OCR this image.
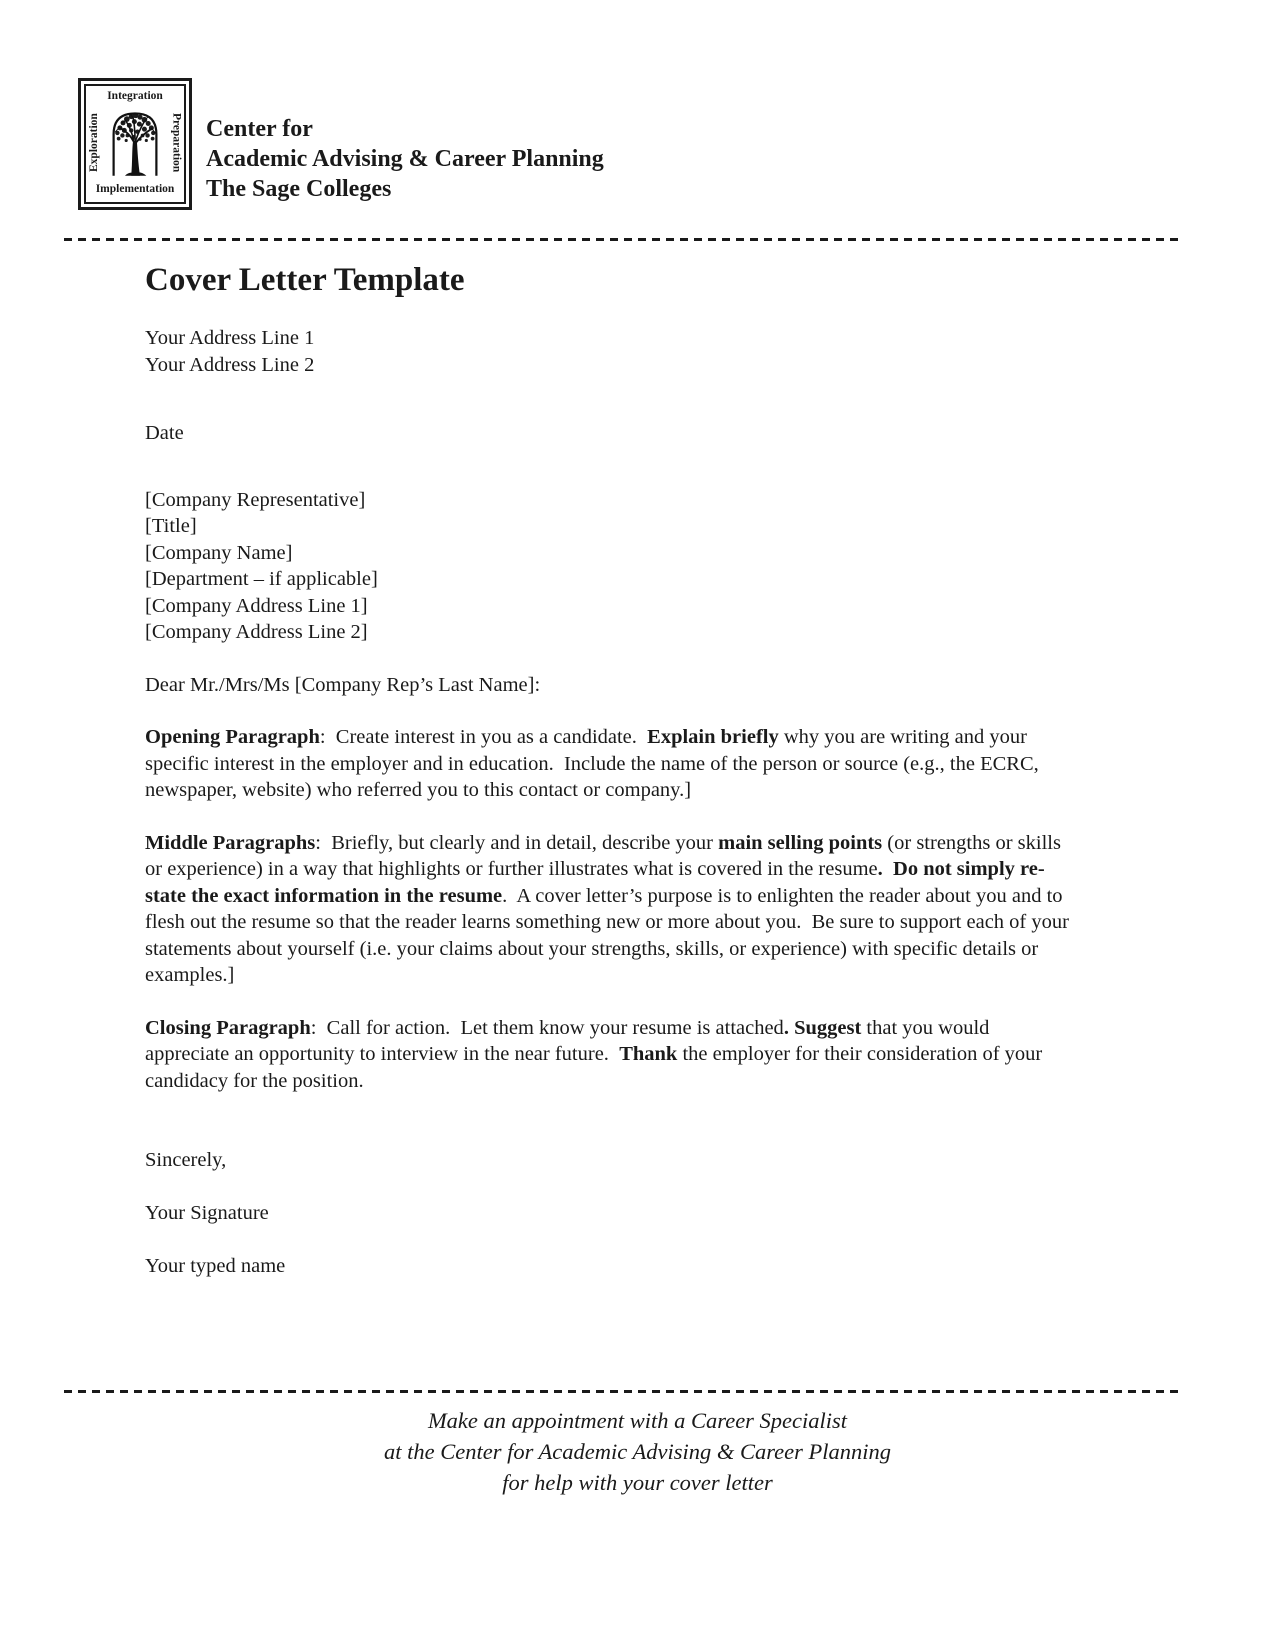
Integration
Exploration	Preparation
Implementation
Center for
Academic Advising & Career Planning
The Sage Colleges
Cover Letter Template

Your Address Line 1

Your Address Line 2

Date

[Company Representative]

[Title]

[Company Name]

[Department – if applicable]

[Company Address Line 1]

[Company Address Line 2]

Dear Mr./Mrs/Ms [Company Rep’s Last Name]:

Opening Paragraph:  Create interest in you as a candidate.  Explain briefly why you are writing and your specific interest in the employer and in education.  Include the name of the person or source (e.g., the ECRC, newspaper, website) who referred you to this contact or company.]

Middle Paragraphs:  Briefly, but clearly and in detail, describe your main selling points (or strengths or skills or experience) in a way that highlights or further illustrates what is covered in the resume.  Do not simply re-state the exact information in the resume.  A cover letter’s purpose is to enlighten the reader about you and to flesh out the resume so that the reader learns something new or more about you.  Be sure to support each of your statements about yourself (i.e. your claims about your strengths, skills, or experience) with specific details or examples.]

Closing Paragraph:  Call for action.  Let them know your resume is attached. Suggest that you would appreciate an opportunity to interview in the near future.  Thank the employer for their consideration of your candidacy for the position.

Sincerely,

Your Signature

Your typed name

Make an appointment with a Career Specialist
at the Center for Academic Advising & Career Planning
for help with your cover letter
